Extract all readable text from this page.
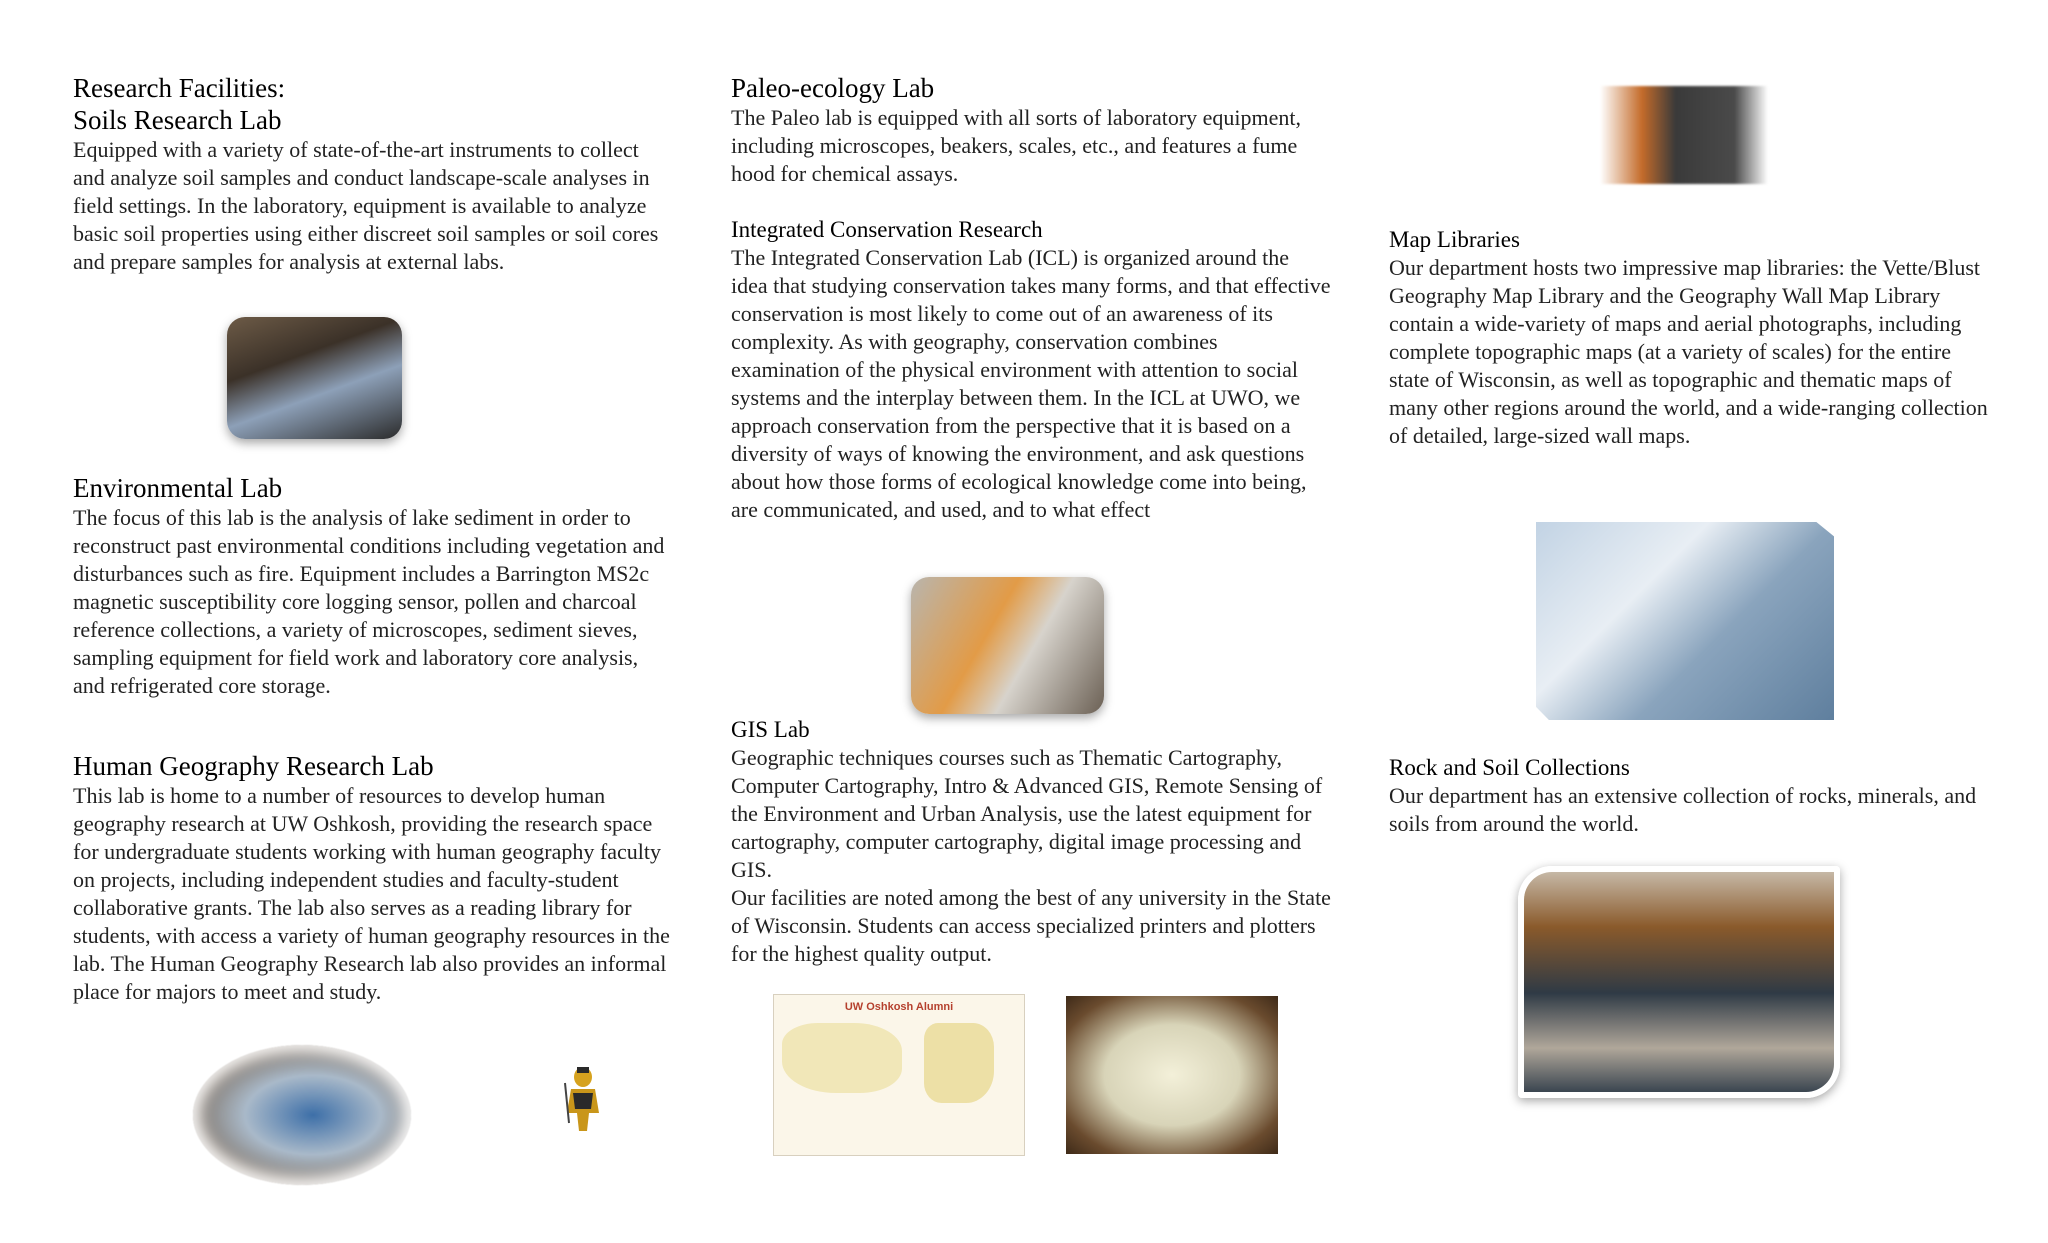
Research Facilities:
Soils Research Lab

Equipped with a variety of state-of-the-art instruments to collect and analyze soil samples and conduct landscape-scale analyses in field settings. In the laboratory, equipment is available to analyze basic soil properties using either discreet soil samples or soil cores and prepare samples for analysis at external labs.

Environmental Lab

The focus of this lab is the analysis of lake sediment in order to reconstruct past environmental conditions including vegetation and disturbances such as fire. Equipment includes a Barrington MS2c magnetic susceptibility core logging sensor, pollen and charcoal reference collections, a variety of microscopes, sediment sieves, sampling equipment for field work and laboratory core analysis, and refrigerated core storage.

Human Geography Research Lab

This lab is home to a number of resources to develop human geography research at UW Oshkosh, providing the research space for undergraduate students working with human geography faculty on projects, including independent studies and faculty-student collaborative grants. The lab also serves as a reading library for students, with access a variety of human geography resources in the lab. The Human Geography Research lab also provides an informal place for majors to meet and study.

Paleo-ecology Lab

The Paleo lab is equipped with all sorts of laboratory equipment, including microscopes, beakers, scales, etc., and features a fume hood for chemical assays.

Integrated Conservation Research

The Integrated Conservation Lab (ICL) is organized around the idea that studying conservation takes many forms, and that effective conservation is most likely to come out of an awareness of its complexity. As with geography, conservation combines examination of the physical environment with attention to social systems and the interplay between them. In the ICL at UWO, we approach conservation from the perspective that it is based on a diversity of ways of knowing the environment, and ask questions about how those forms of ecological knowledge come into being, are communicated, and used, and to what effect

GIS Lab

Geographic techniques courses such as Thematic Cartography, Computer Cartography, Intro & Advanced GIS, Remote Sensing of the Environment and Urban Analysis, use the latest equipment for cartography, computer cartography, digital image processing and GIS.

Our facilities are noted among the best of any university in the State of Wisconsin. Students can access specialized printers and plotters for the highest quality output.

UW Oshkosh Alumni
Map Libraries

Our department hosts two impressive map libraries: the Vette/Blust Geography Map Library and the Geography Wall Map Library contain a wide-variety of maps and aerial photographs, including complete topographic maps (at a variety of scales) for the entire state of Wisconsin, as well as topographic and thematic maps of many other regions around the world, and a wide-ranging collection of detailed, large-sized wall maps.

Rock and Soil Collections

Our department has an extensive collection of rocks, minerals, and soils from around the world.
